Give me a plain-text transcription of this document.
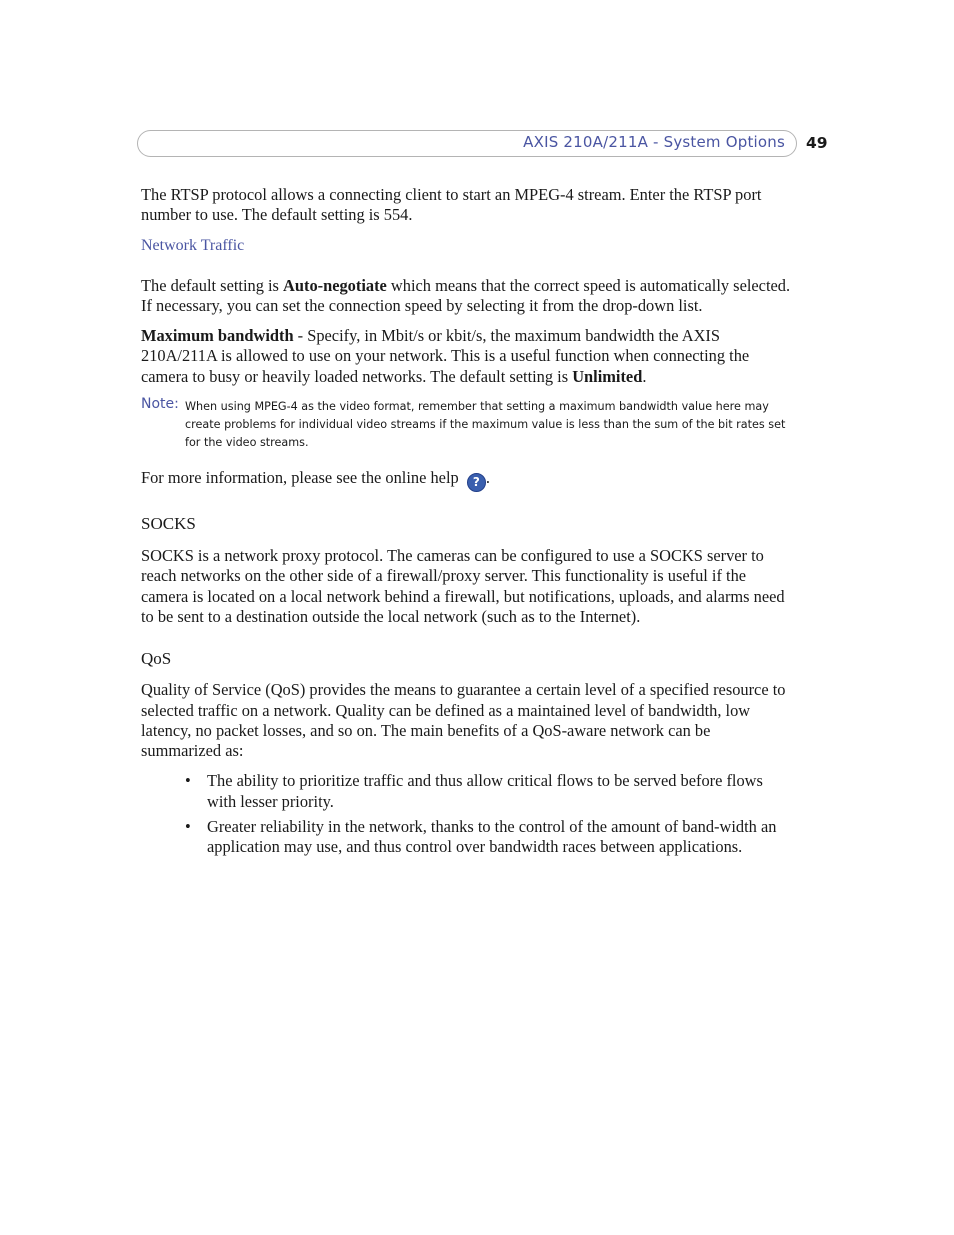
AXIS 210A/211A - System Options 49

The RTSP protocol allows a connecting client to start an MPEG-4 stream. Enter the RTSP port number to use. The default setting is 554.

Network Traffic

The default setting is Auto-negotiate which means that the correct speed is automatically selected. If necessary, you can set the connection speed by selecting it from the drop-down list.

Maximum bandwidth - Specify, in Mbit/s or kbit/s, the maximum bandwidth the AXIS 210A/211A is allowed to use on your network. This is a useful function when connecting the camera to busy or heavily loaded networks. The default setting is Unlimited.

Note: When using MPEG-4 as the video format, remember that setting a maximum bandwidth value here may create problems for individual video streams if the maximum value is less than the sum of the bit rates set for the video streams.

For more information, please see the online help ? .

SOCKS

SOCKS is a network proxy protocol. The cameras can be configured to use a SOCKS server to reach networks on the other side of a firewall/proxy server. This functionality is useful if the camera is located on a local network behind a firewall, but notifications, uploads, and alarms need to be sent to a destination outside the local network (such as to the Internet).

QoS

Quality of Service (QoS) provides the means to guarantee a certain level of a specified resource to selected traffic on a network. Quality can be defined as a maintained level of bandwidth, low latency, no packet losses, and so on. The main benefits of a QoS-aware network can be summarized as:

• The ability to prioritize traffic and thus allow critical flows to be served before flows with lesser priority.
• Greater reliability in the network, thanks to the control of the amount of band-width an application may use, and thus control over bandwidth races between applications.
